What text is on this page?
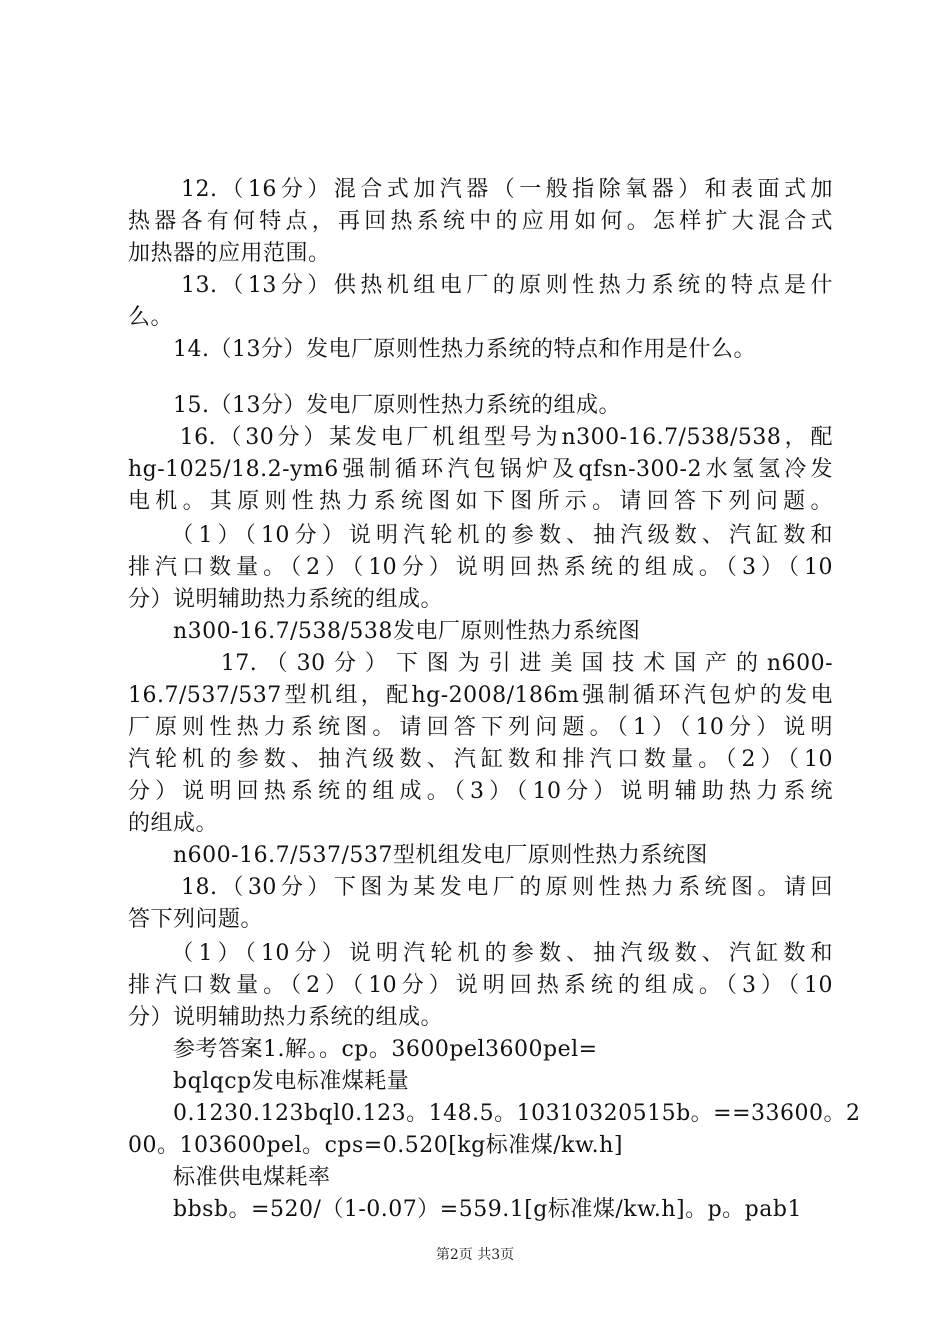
　　12.（16分）混合式加汽器（一般指除氧器）和表面式加
热器各有何特点，再回热系统中的应用如何。怎样扩大混合式
加热器的应用范围。
　　13.（13分）供热机组电厂的原则性热力系统的特点是什
么。
　　14.（13分）发电厂原则性热力系统的特点和作用是什么。
　　15.（13分）发电厂原则性热力系统的组成。
　　16.（30分）某发电厂机组型号为n300-16.7/538/538，配
hg-1025/18.2-ym6强制循环汽包锅炉及qfsn-300-2水氢氢冷发
电机。其原则性热力系统图如下图所示。请回答下列问题。
　　（1）（10分）说明汽轮机的参数、抽汽级数、汽缸数和
排汽口数量。（2）（10分）说明回热系统的组成。（3）（10
分）说明辅助热力系统的组成。
　　n300-16.7/538/538发电厂原则性热力系统图
　　　17.（30分）下图为引进美国技术国产的n600-
16.7/537/537型机组，配hg-2008/186m强制循环汽包炉的发电
厂原则性热力系统图。请回答下列问题。（1）（10分）说明
汽轮机的参数、抽汽级数、汽缸数和排汽口数量。（2）（10
分）说明回热系统的组成。（3）（10分）说明辅助热力系统
的组成。
　　n600-16.7/537/537型机组发电厂原则性热力系统图
　　18.（30分）下图为某发电厂的原则性热力系统图。请回
答下列问题。
　　（1）（10分）说明汽轮机的参数、抽汽级数、汽缸数和
排汽口数量。（2）（10分）说明回热系统的组成。（3）（10
分）说明辅助热力系统的组成。
　　参考答案1.解。。cp。3600pel3600pel=
　　bqlqcp发电标准煤耗量
　　0.1230.123bql0.123。148.5。10310320515b。==33600。2
00。103600pel。cps=0.520[kg标准煤/kw.h]
　　标准供电煤耗率
　　bbsb。=520/（1-0.07）=559.1[g标准煤/kw.h]。p。pab1
第2页 共3页
